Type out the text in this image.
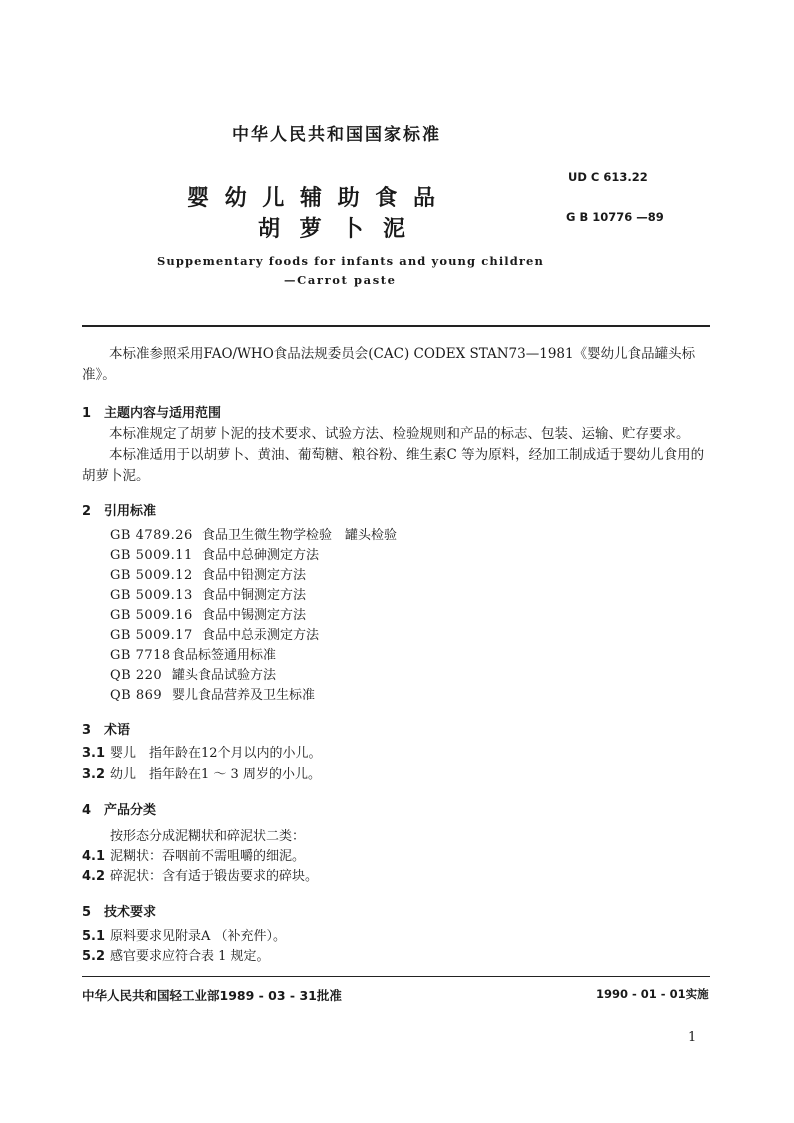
中华人民共和国国家标准
UD C 613.22
婴 幼 儿 辅 助 食 品
胡 萝 卜 泥	G B 10776 —89
Suppementary foods for infants and young children
—Carrot paste
本标准参照采用FAO/WHO食品法规委员会(CAC) CODEX STAN73—1981《婴幼儿食品罐头标准》。
1 主题内容与适用范围
本标准规定了胡萝卜泥的技术要求、试验方法、检验规则和产品的标志、包装、运输、贮存要求。
本标准适用于以胡萝卜、黄油、葡萄糖、粮谷粉、维生素C 等为原料，经加工制成适于婴幼儿食用的胡萝卜泥。
2 引用标准
GB 4789.26 食品卫生微生物学检验　罐头检验
GB 5009.11 食品中总砷测定方法
GB 5009.12 食品中铅测定方法
GB 5009.13 食品中铜测定方法
GB 5009.16 食品中锡测定方法
GB 5009.17 食品中总汞测定方法
GB 7718食品标签通用标准
QB 220 罐头食品试验方法
QB 869 婴儿食品营养及卫生标准
3 术语
3.1 婴儿　指年龄在12个月以内的小儿。
3.2 幼儿　指年龄在1 ～ 3 周岁的小儿。
4 产品分类
按形态分成泥糊状和碎泥状二类：
4.1 泥糊状：吞咽前不需咀嚼的细泥。
4.2 碎泥状：含有适于锻齿要求的碎块。
5 技术要求
5.1 原料要求见附录A （补充件）。
5.2 感官要求应符合表 1 规定。
中华人民共和国轻工业部1989 - 03 - 31批准	1990 - 01 - 01实施
1
